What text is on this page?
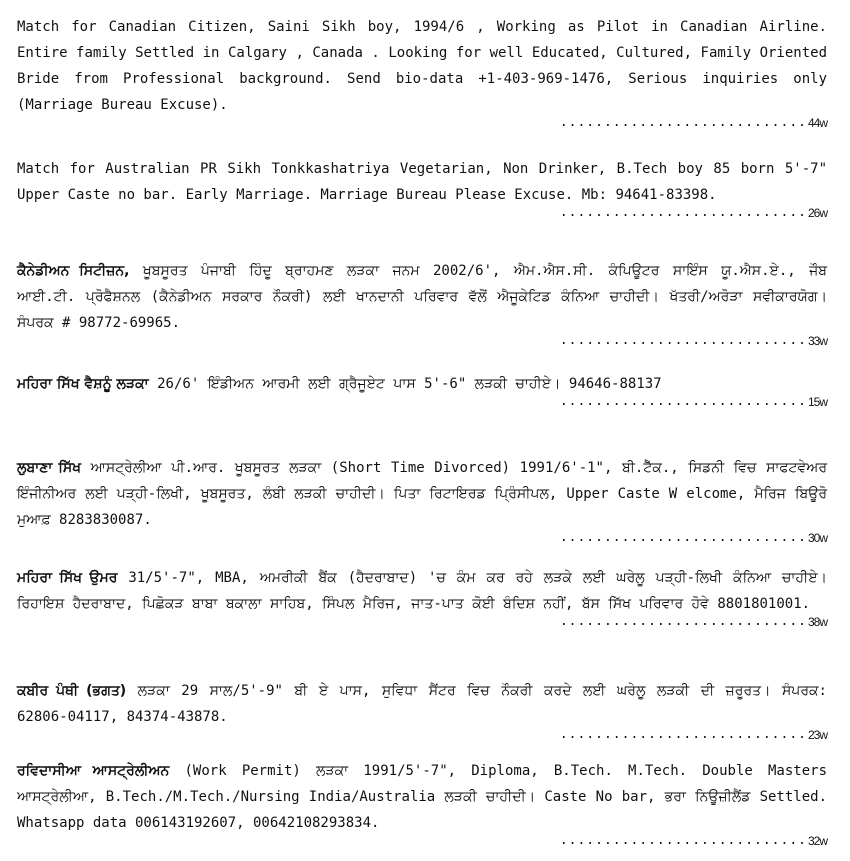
Match for Canadian Citizen, Saini Sikh boy, 1994/6 , Working as Pilot in Canadian Airline. Entire family Settled in Calgary , Canada . Looking for well Educated, Cultured, Family Oriented Bride from Professional background. Send bio-data +1-403-969-1476, Serious inquiries only (Marriage Bureau Excuse).
............................ 44w
Match for Australian PR Sikh Tonkkashatriya Vegetarian, Non Drinker, B.Tech boy 85 born 5'-7" Upper Caste no bar. Early Marriage. Marriage Bureau Please Excuse. Mb: 94641-83398.
............................ 26w
ਕੈਨੇਡੀਅਨ ਸਿਟੀਜ਼ਨ, ਖੂਬਸੂਰਤ ਪੰਜਾਬੀ ਹਿੰਦੂ ਬ੍ਰਾਹਮਣ ਲੜਕਾ ਜਨਮ 2002/6', ਐਮ.ਐਸ.ਸੀ. ਕੰਪਿਊਟਰ ਸਾਇੰਸ ਯੂ.ਐਸ.ਏ., ਜੌਬ ਆਈ.ਟੀ. ਪ੍ਰੋਫੈਸ਼ਨਲ (ਕੈਨੇਡੀਅਨ ਸਰਕਾਰ ਨੌਕਰੀ) ਲਈ ਖਾਨਦਾਨੀ ਪਰਿਵਾਰ ਵੱਲੋਂ ਐਜੂਕੇਟਿਡ ਕੰਨਿਆ ਚਾਹੀਦੀ। ਖੱਤਰੀ/ਅਰੋੜਾ ਸਵੀਕਾਰਯੋਗ। ਸੰਪਰਕ # 98772-69965.
............................ 33w
ਮਹਿਰਾ ਸਿੱਖ ਵੈਸ਼ਨੂੰ ਲੜਕਾ 26/6' ਇੰਡੀਅਨ ਆਰਮੀ ਲਈ ਗ੍ਰੈਜੂਏਟ ਪਾਸ 5'-6" ਲੜਕੀ ਚਾਹੀਏ। 94646-88137
............................ 15w
ਲੁਬਾਣਾ ਸਿੱਖ ਆਸਟ੍ਰੇਲੀਆ ਪੀ.ਆਰ. ਖੂਬਸੂਰਤ ਲੜਕਾ (Short Time Divorced) 1991/6'-1", ਬੀ.ਟੈੱਕ., ਸਿਡਨੀ ਵਿਚ ਸਾਫਟਵੇਅਰ ਇੰਜੀਨੀਅਰ ਲਈ ਪੜ੍ਹੀ-ਲਿਖੀ, ਖੂਬਸੂਰਤ, ਲੰਬੀ ਲੜਕੀ ਚਾਹੀਦੀ। ਪਿਤਾ ਰਿਟਾਇਰਡ ਪ੍ਰਿੰਸੀਪਲ, Upper Caste W elcome, ਮੈਰਿਜ ਬਿਊਰੋ ਮੁਆਫ਼ 8283830087.
............................ 30w
ਮਹਿਰਾ ਸਿੱਖ ਉਮਰ 31/5'-7", MBA, ਅਮਰੀਕੀ ਬੈਂਕ (ਹੈਦਰਾਬਾਦ) 'ਚ ਕੰਮ ਕਰ ਰਹੇ ਲੜਕੇ ਲਈ ਘਰੇਲੂ ਪੜ੍ਹੀ-ਲਿਖੀ ਕੰਨਿਆ ਚਾਹੀਏ। ਰਿਹਾਇਸ਼ ਹੈਦਰਾਬਾਦ, ਪਿਛੋਕੜ ਬਾਬਾ ਬਕਾਲਾ ਸਾਹਿਬ, ਸਿੰਪਲ ਮੈਰਿਜ, ਜਾਤ-ਪਾਤ ਕੋਈ ਬੰਦਿਸ਼ ਨਹੀਂ, ਬੱਸ ਸਿੱਖ ਪਰਿਵਾਰ ਹੋਵੇ 8801801001.
............................ 38w
ਕਬੀਰ ਪੰਥੀ (ਭਗਤ) ਲੜਕਾ 29 ਸਾਲ/5'-9" ਬੀ ਏ ਪਾਸ, ਸੁਵਿਧਾ ਸੈਂਟਰ ਵਿਚ ਨੌਕਰੀ ਕਰਦੇ ਲਈ ਘਰੇਲੂ ਲੜਕੀ ਦੀ ਜ਼ਰੂਰਤ। ਸੰਪਰਕ: 62806-04117, 84374-43878.
............................ 23w
ਰਵਿਦਾਸੀਆ ਆਸਟ੍ਰੇਲੀਅਨ (Work Permit) ਲੜਕਾ 1991/5'-7", Diploma, B.Tech. M.Tech. Double Masters ਆਸਟ੍ਰੇਲੀਆ, B.Tech./M.Tech./Nursing India/Australia ਲੜਕੀ ਚਾਹੀਦੀ। Caste No bar, ਭਰਾ ਨਿਊਜ਼ੀਲੈਂਡ Settled. Whatsapp data 006143192607, 00642108293834.
............................ 32w
